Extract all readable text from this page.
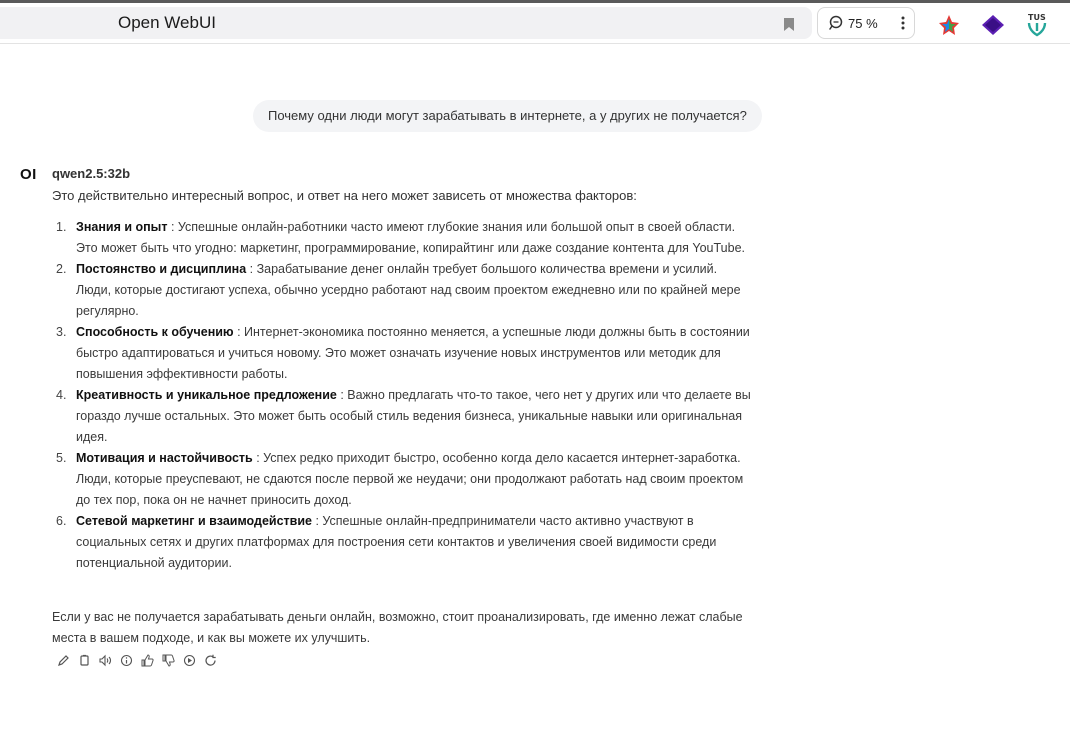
Open WebUI	75 %	TUS
Почему одни люди могут зарабатывать в интернете, а у других не получается?
OI qwen2.5:32b
Это действительно интересный вопрос, и ответ на него может зависеть от множества факторов:
1. Знания и опыт : Успешные онлайн-работники часто имеют глубокие знания или большой опыт в своей области. Это может быть что угодно: маркетинг, программирование, копирайтинг или даже создание контента для YouTube.
2. Постоянство и дисциплина : Зарабатывание денег онлайн требует большого количества времени и усилий. Люди, которые достигают успеха, обычно усердно работают над своим проектом ежедневно или по крайней мере регулярно.
3. Способность к обучению : Интернет-экономика постоянно меняется, а успешные люди должны быть в состоянии быстро адаптироваться и учиться новому. Это может означать изучение новых инструментов или методик для повышения эффективности работы.
4. Креативность и уникальное предложение : Важно предлагать что-то такое, чего нет у других или что делаете вы гораздо лучше остальных. Это может быть особый стиль ведения бизнеса, уникальные навыки или оригинальная идея.
5. Мотивация и настойчивость : Успех редко приходит быстро, особенно когда дело касается интернет-заработка. Люди, которые преуспевают, не сдаются после первой же неудачи; они продолжают работать над своим проектом до тех пор, пока он не начнет приносить доход.
6. Сетевой маркетинг и взаимодействие : Успешные онлайн-предприниматели часто активно участвуют в социальных сетях и других платформах для построения сети контактов и увеличения своей видимости среди потенциальной аудитории.
Если у вас не получается зарабатывать деньги онлайн, возможно, стоит проанализировать, где именно лежат слабые места в вашем подходе, и как вы можете их улучшить.
